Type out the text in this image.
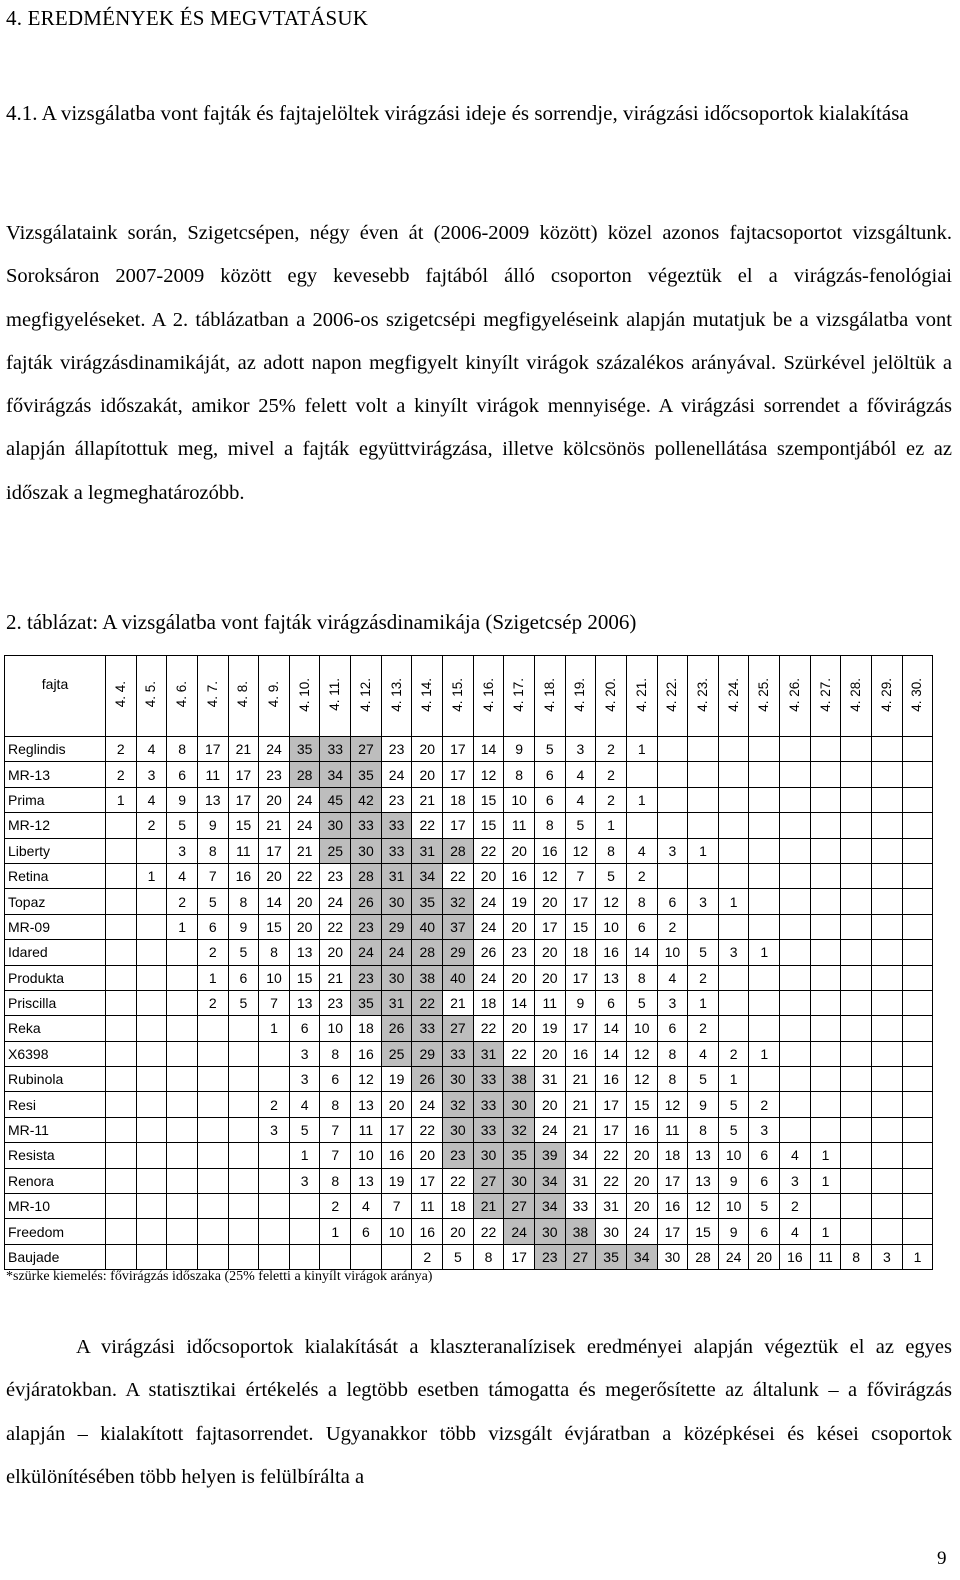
4. EREDMÉNYEK ÉS MEGVTATÁSUK
4.1. A vizsgálatba vont fajták és fajtajelöltek virágzási ideje és sorrendje, virágzási időcsoportok kialakítása
Vizsgálataink során, Szigetcsépen, négy éven át (2006-2009 között) közel azonos fajtacsoportot vizsgáltunk. Soroksáron 2007-2009 között egy kevesebb fajtából álló csoporton végeztük el a virágzás-fenológiai megfigyeléseket. A 2. táblázatban a 2006-os szigetcsépi megfigyeléseink alapján mutatjuk be a vizsgálatba vont fajták virágzásdinamikáját, az adott napon megfigyelt kinyílt virágok százalékos arányával. Szürkével jelöltük a fővirágzás időszakát, amikor 25% felett volt a kinyílt virágok mennyisége. A virágzási sorrendet a fővirágzás alapján állapítottuk meg, mivel a fajták együttvirágzása, illetve kölcsönös pollenellátása szempontjából ez az időszak a legmeghatározóbb.
2. táblázat: A vizsgálatba vont fajták virágzásdinamikája (Szigetcsép 2006)
fajta	4. 4.	4. 5.	4. 6.	4. 7.	4. 8.	4. 9.	4. 10.	4. 11.	4. 12.	4. 13.	4. 14.	4. 15.	4. 16.	4. 17.	4. 18.	4. 19.	4. 20.	4. 21.	4. 22.	4. 23.	4. 24.	4. 25.	4. 26.	4. 27.	4. 28.	4. 29.	4. 30.
Reglindis	2	4	8	17	21	24	35	33	27	23	20	17	14	9	5	3	2	1									
MR-13	2	3	6	11	17	23	28	34	35	24	20	17	12	8	6	4	2										
Prima	1	4	9	13	17	20	24	45	42	23	21	18	15	10	6	4	2	1									
MR-12		2	5	9	15	21	24	30	33	33	22	17	15	11	8	5	1										
Liberty			3	8	11	17	21	25	30	33	31	28	22	20	16	12	8	4	3	1							
Retina		1	4	7	16	20	22	23	28	31	34	22	20	16	12	7	5	2									
Topaz			2	5	8	14	20	24	26	30	35	32	24	19	20	17	12	8	6	3	1						
MR-09			1	6	9	15	20	22	23	29	40	37	24	20	17	15	10	6	2								
Idared				2	5	8	13	20	24	24	28	29	26	23	20	18	16	14	10	5	3	1					
Produkta				1	6	10	15	21	23	30	38	40	24	20	20	17	13	8	4	2							
Priscilla				2	5	7	13	23	35	31	22	21	18	14	11	9	6	5	3	1							
Reka						1	6	10	18	26	33	27	22	20	19	17	14	10	6	2							
X6398							3	8	16	25	29	33	31	22	20	16	14	12	8	4	2	1					
Rubinola							3	6	12	19	26	30	33	38	31	21	16	12	8	5	1						
Resi						2	4	8	13	20	24	32	33	30	20	21	17	15	12	9	5	2					
MR-11						3	5	7	11	17	22	30	33	32	24	21	17	16	11	8	5	3					
Resista							1	7	10	16	20	23	30	35	39	34	22	20	18	13	10	6	4	1			
Renora							3	8	13	19	17	22	27	30	34	31	22	20	17	13	9	6	3	1			
MR-10								2	4	7	11	18	21	27	34	33	31	20	16	12	10	5	2				
Freedom								1	6	10	16	20	22	24	30	38	30	24	17	15	9	6	4	1			
Baujade											2	5	8	17	23	27	35	34	30	28	24	20	16	11	8	3	1
*szürke kiemelés: fővirágzás időszaka (25% feletti a kinyílt virágok aránya)
A virágzási időcsoportok kialakítását a klaszteranalízisek eredményei alapján végeztük el az egyes évjáratokban. A statisztikai értékelés a legtöbb esetben támogatta és megerősítette az általunk – a fővirágzás alapján – kialakított fajtasorrendet. Ugyanakkor több vizsgált évjáratban a középkései és kései csoportok elkülönítésében több helyen is felülbírálta a
9
